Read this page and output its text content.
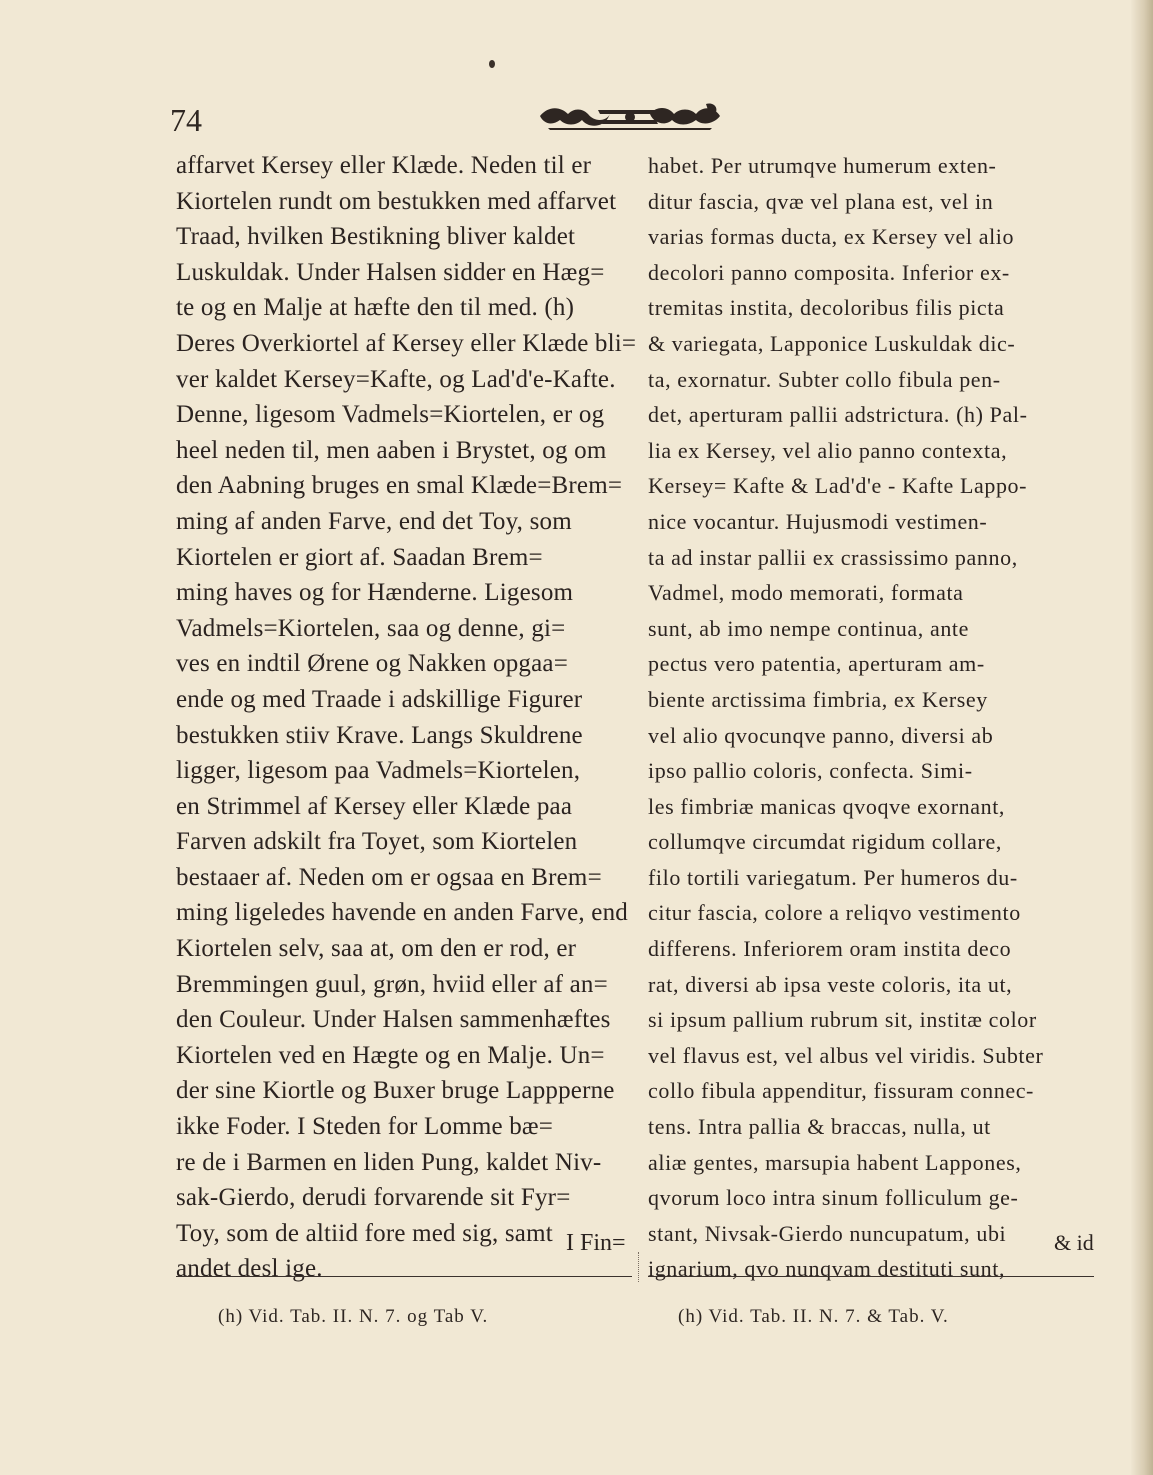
74
affarvet Kersey eller Klæde. Neden til er
Kiortelen rundt om bestukken med affarvet
Traad, hvilken Bestikning bliver kaldet
Luskuldak. Under Halsen sidder en Hæg=
te og en Malje at hæfte den til med. (h)
Deres Overkiortel af Kersey eller Klæde bli=
ver kaldet Kersey=Kafte, og Lad'd'e-Kafte.
Denne, ligesom Vadmels=Kiortelen, er og
heel neden til, men aaben i Brystet, og om
den Aabning bruges en smal Klæde=Brem=
ming af anden Farve, end det Toy, som
Kiortelen er giort af. Saadan Brem=
ming haves og for Hænderne. Ligesom
Vadmels=Kiortelen, saa og denne, gi=
ves en indtil Ørene og Nakken opgaa=
ende og med Traade i adskillige Figurer
bestukken stiiv Krave. Langs Skuldrene
ligger, ligesom paa Vadmels=Kiortelen,
en Strimmel af Kersey eller Klæde paa
Farven adskilt fra Toyet, som Kiortelen
bestaaer af. Neden om er ogsaa en Brem=
ming ligeledes havende en anden Farve, end
Kiortelen selv, saa at, om den er rod, er
Bremmingen guul, grøn, hviid eller af an=
den Couleur. Under Halsen sammenhæftes
Kiortelen ved en Hægte og en Malje. Un=
der sine Kiortle og Buxer bruge Lappperne
ikke Foder. I Steden for Lomme bæ=
re de i Barmen en liden Pung, kaldet Niv-
sak-Gierdo, derudi forvarende sit Fyr=
Toy, som de altiid fore med sig, samt
andet desl ige.
habet. Per utrumqve humerum exten-
ditur fascia, qvæ vel plana est, vel in
varias formas ducta, ex Kersey vel alio
decolori panno composita. Inferior ex-
tremitas instita, decoloribus filis picta
& variegata, Lapponice Luskuldak dic-
ta, exornatur. Subter collo fibula pen-
det, aperturam pallii adstrictura. (h) Pal-
lia ex Kersey, vel alio panno contexta,
Kersey= Kafte & Lad'd'e - Kafte Lappo-
nice vocantur. Hujusmodi vestimen-
ta ad instar pallii ex crassissimo panno,
Vadmel, modo memorati, formata
sunt, ab imo nempe continua, ante
pectus vero patentia, aperturam am-
biente arctissima fimbria, ex Kersey
vel alio qvocunqve panno, diversi ab
ipso pallio coloris, confecta. Simi-
les fimbriæ manicas qvoqve exornant,
collumqve circumdat rigidum collare,
filo tortili variegatum. Per humeros du-
citur fascia, colore a reliqvo vestimento
differens. Inferiorem oram instita deco
rat, diversi ab ipsa veste coloris, ita ut,
si ipsum pallium rubrum sit, institæ color
vel flavus est, vel albus vel viridis. Subter
collo fibula appenditur, fissuram connec-
tens. Intra pallia & braccas, nulla, ut
aliæ gentes, marsupia habent Lappones,
qvorum loco intra sinum folliculum ge-
stant, Nivsak-Gierdo nuncupatum, ubi
ignarium, qvo nunqvam destituti sunt,
I Fin=	& id
(h) Vid. Tab. II. N. 7. og Tab V.	(h) Vid. Tab. II. N. 7. & Tab. V.
